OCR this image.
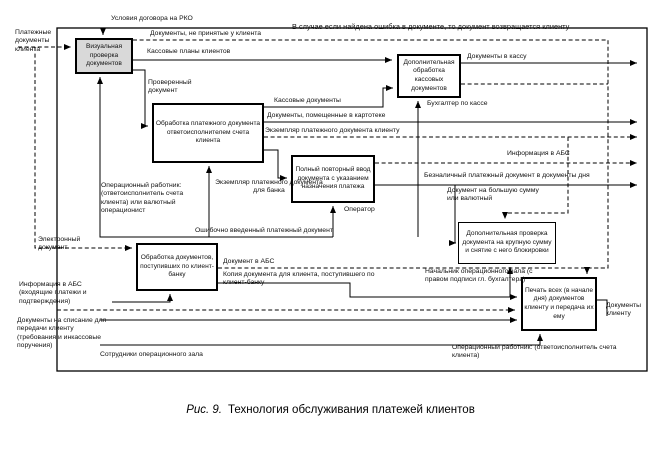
Визуальная проверка документов
Обработка платежного документа ответоисполнителем счета клиента
Полный повторный ввод документа с указанием назначения платежа
Дополнительная обработка кассовых документов
Дополнительная проверка документа на крупную сумму и снятие с него блокировки
Обработка документов, поступивших по клиент-банку
Печать всех (в начале дня) документов клиенту и передача их ему
В случае если найдена ошибка в документе, то документ возвращается клиенту
Платежные документы клиента
Условия договора на РКО
Документы, не принятые у клиента
Кассовые планы клиентов
Проверенный документ
Кассовые документы
Документы, помещенные в картотеке
Экземпляр платежного документа клиенту
Документы в кассу
Бухгалтер по кассе
Информация в АБС
Безналичный платежный документ в документы дня
Документ на большую сумму или валютный
Экземпляр платежного документа для банка
Оператор
Операционный работник: (ответоисполнитель счета клиента) или валютный операционист
Ошибочно введенный платежный документ
Электронный документ
Документ в АБС
Копия документа для клиента, поступившего по клиент-банку
Информация в АБС (входящие платежи и подтверждения)
Начальник операционного зала (с правом подписи гл. бухгалтера)
Документы клиенту
Документы на списание для передачи клиенту (требования и инкассовые поручения)
Сотрудники операционного зала
Операционный работник: (ответоисполнитель счета клиента)
Рис. 9. Технология обслуживания платежей клиентов
